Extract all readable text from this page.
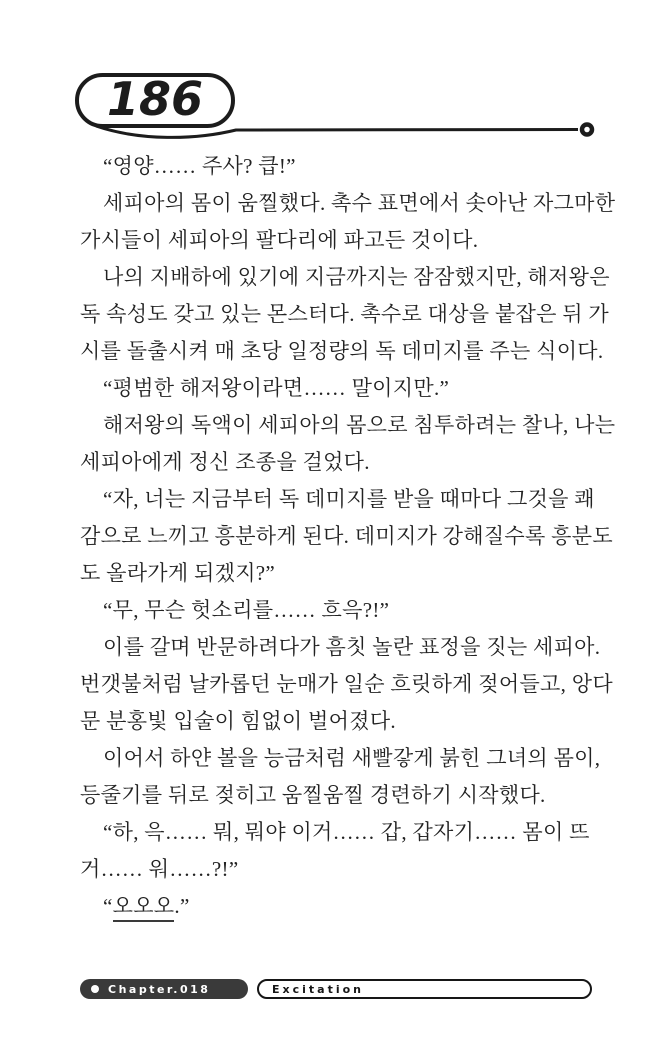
186
“영양…… 주사? 큽!”
세피아의 몸이 움찔했다. 촉수 표면에서 솟아난 자그마한
가시들이 세피아의 팔다리에 파고든 것이다.
나의 지배하에 있기에 지금까지는 잠잠했지만, 해저왕은
독 속성도 갖고 있는 몬스터다. 촉수로 대상을 붙잡은 뒤 가
시를 돌출시켜 매 초당 일정량의 독 데미지를 주는 식이다.
“평범한 해저왕이라면…… 말이지만.”
해저왕의 독액이 세피아의 몸으로 침투하려는 찰나, 나는
세피아에게 정신 조종을 걸었다.
“자, 너는 지금부터 독 데미지를 받을 때마다 그것을 쾌
감으로 느끼고 흥분하게 된다. 데미지가 강해질수록 흥분도
도 올라가게 되겠지?”
“무, 무슨 헛소리를…… 흐윽?!”
이를 갈며 반문하려다가 흠칫 놀란 표정을 짓는 세피아.
번갯불처럼 날카롭던 눈매가 일순 흐릿하게 젖어들고, 앙다
문 분홍빛 입술이 힘없이 벌어졌다.
이어서 하얀 볼을 능금처럼 새빨갛게 붉힌 그녀의 몸이,
등줄기를 뒤로 젖히고 움찔움찔 경련하기 시작했다.
“하, 윽…… 뭐, 뭐야 이거…… 갑, 갑자기…… 몸이 뜨
거…… 워……?!”
“오오오.”
Chapter.018	Excitation
